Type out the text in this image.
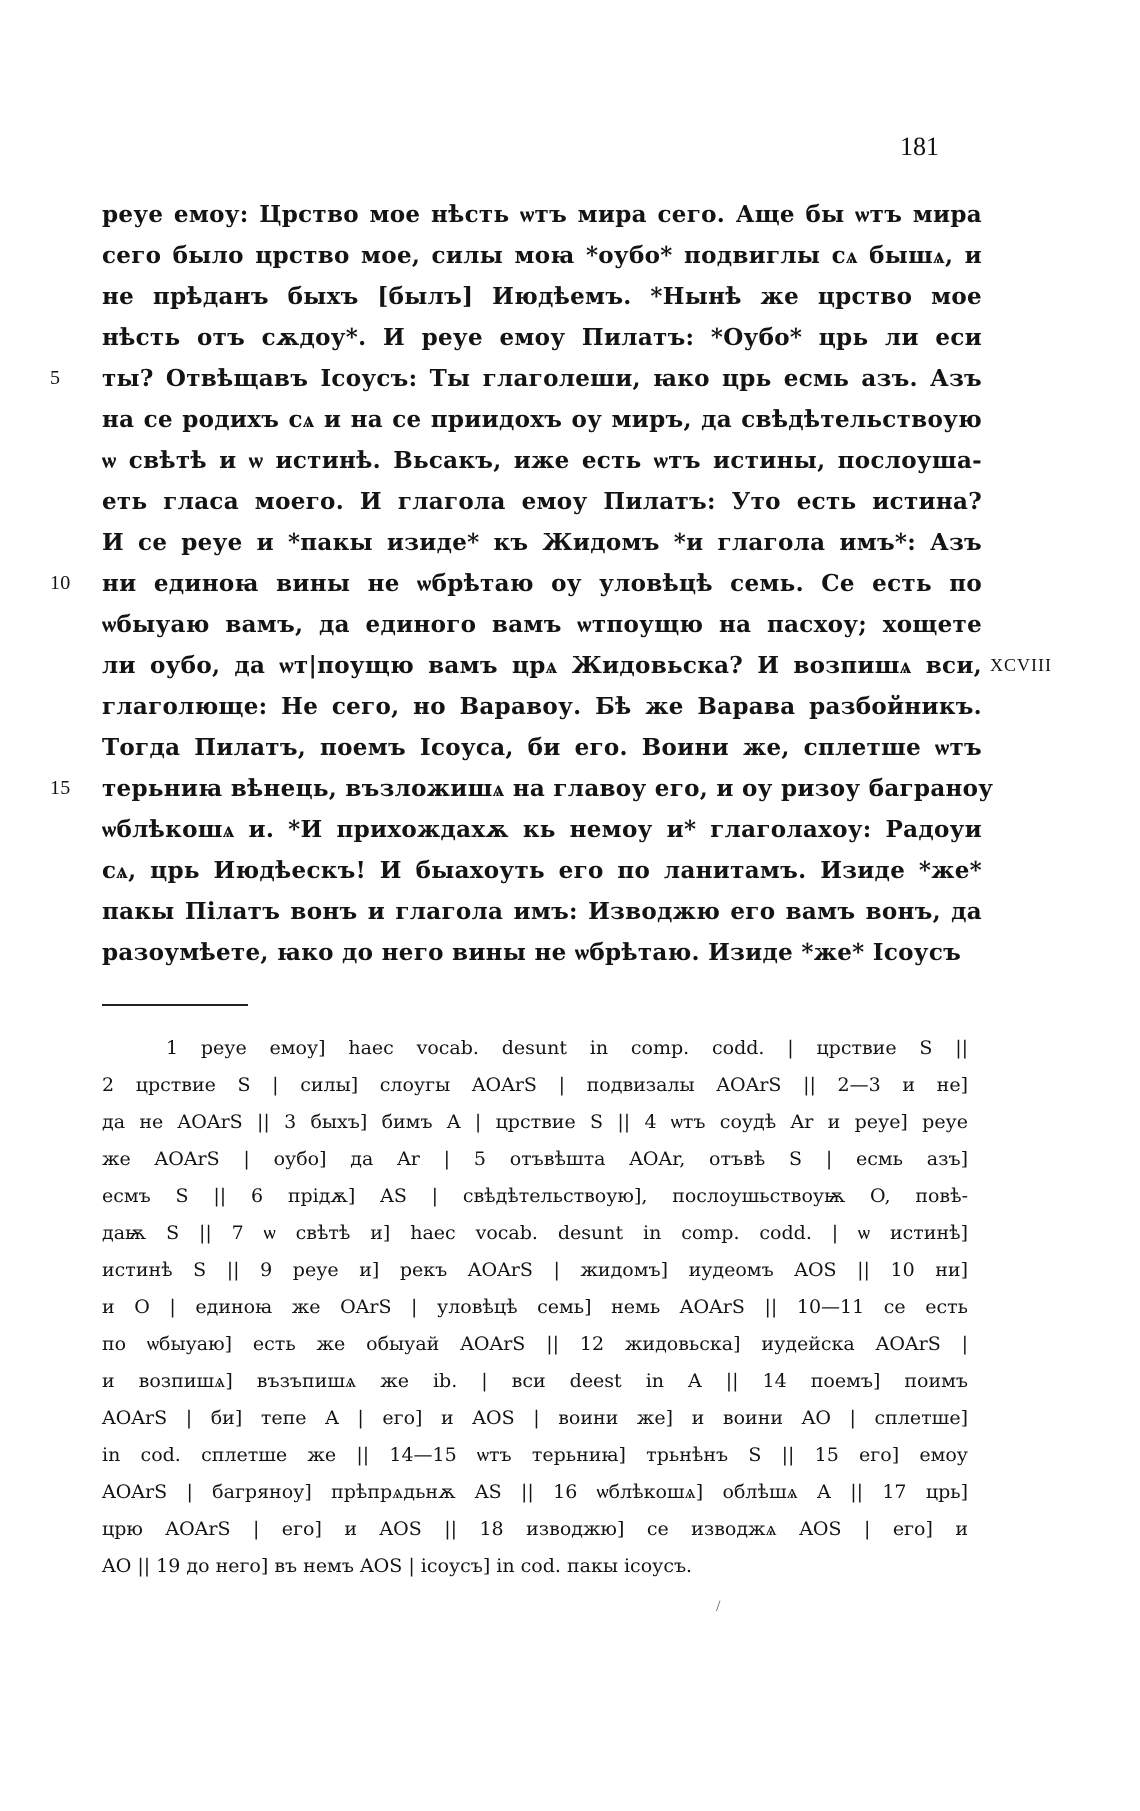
181
реуе емоу: Црство мое нѣсть ѡтъ мира сего. Аще бы ѡтъ мира
сего было црство мое, силы моꙗ *оубо* подвиглы сѧ бышѧ, и
не прѣданъ быхъ [былъ] Июдѣемъ. *Нынѣ же црство мое
нѣсть отъ сѫдоу*. И реуе емоу Пилатъ: *Оубо* црь ли еси
5	ты? Отвѣщавъ Ісоусъ: Ты глаголеши, ꙗко црь есмь азъ. Азъ
на се родихъ сѧ и на се приидохъ оу миръ, да свѣдѣтельствоую
ѡ свѣтѣ и ѡ истинѣ. Вьсакъ, иже есть ѡтъ истины, послоуша-
еть гласа моего. И глагола емоу Пилатъ: Уто есть истина?
И се реуе и *пакы изиде* къ Жидомъ *и глагола имъ*: Азъ
10	ни единоꙗ вины не ѡбрѣтаю оу уловѣцѣ семь. Се есть по
ѡбыуаю вамъ, да единого вамъ ѡтпоущю на пасхоу; хощете
ли оубо, да ѡт|поущю вамъ црѧ Жидовьска? И возпишѧ вси, XCVIII
глаголюще: Не сего, но Варавоу. Бѣ же Варава разбойникъ.
Тогда Пилатъ, поемъ Ісоуса, би его. Воини же, сплетше ѡтъ
15	терьниꙗ вѣнець, възложишѧ на главоу его, и оу ризоу баграноу
ѡблѣкошѧ и. *И прихождахѫ кь немоу и* глаголахоу: Радоуи
сѧ, црь Июдѣескъ! И быахоуть его по ланитамъ. Изиде *же*
пакы Пілатъ вонъ и глагола имъ: Изводжю его вамъ вонъ, да
разоумѣете, ꙗко до него вины не ѡбрѣтаю. Изиде *же* Ісоусъ
1 реуе емоу] haec vocab. desunt in comp. codd. | црствие S ||
2 црствие S | силы] слоугы AOArS | подвизалы AOArS || 2—3 и не]
да не AOArS || 3 быхъ] бимъ A | црствие S || 4 ѡтъ соудѣ Ar и реуе] реуе
же AOArS | оубо] да Ar | 5 отъвѣшта AOAr, отъвѣ S | есмь азъ]
есмъ S || 6 прідѫ] AS | свѣдѣтельствоую], послоушьствоуѭ O, повѣ-
даѭ S || 7 ѡ свѣтѣ и] haec vocab. desunt in comp. codd. | ѡ истинѣ]
истинѣ S || 9 реуе и] рекъ AOArS | жидомъ] иудеомъ AOS || 10 ни]
и O | единоꙗ же OArS | уловѣцѣ семь] немь AOArS || 10—11 се есть
по ѡбыуаю] есть же обыуай AOArS || 12 жидовьска] иудейска AOArS |
и возпишѧ] възъпишѧ же ib. | вси deest in A || 14 поемъ] поимъ
AOArS | би] тепе A | его] и AOS | воини же] и воини AO | сплетше]
in cod. сплетше же || 14—15 ѡтъ терьниꙗ] трьнѣнъ S || 15 его] емоу
AOArS | багряноу] прѣпрѧдьнѫ AS || 16 ѡблѣкошѧ] облѣшѧ A || 17 црь]
црю AOArS | его] и AOS || 18 изводжю] се изводжѧ AOS | его] и
AO || 19 до него] въ немъ AOS | ісоусъ] in cod. пакы ісоусъ.
/
